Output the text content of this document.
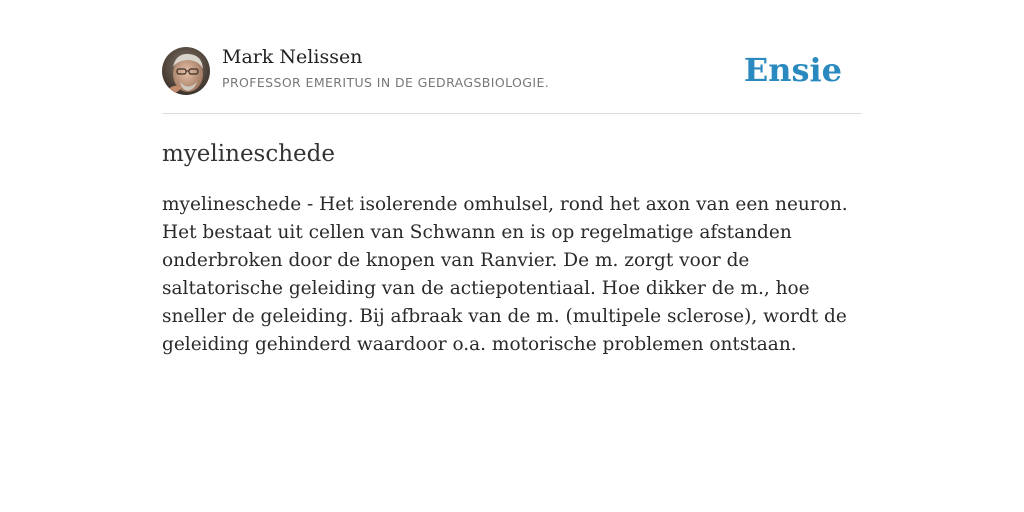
Mark Nelissen
PROFESSOR EMERITUS IN DE GEDRAGSBIOLOGIE.	Ensie
myelineschede

myelineschede - Het isolerende omhulsel, rond het axon van een neuron. Het bestaat uit cellen van Schwann en is op regelmatige afstanden onderbroken door de knopen van Ranvier. De m. zorgt voor de saltatorische geleiding van de actiepotentiaal. Hoe dikker de m., hoe sneller de geleiding. Bij afbraak van de m. (multipele sclerose), wordt de geleiding gehinderd waardoor o.a. motorische problemen ontstaan.
